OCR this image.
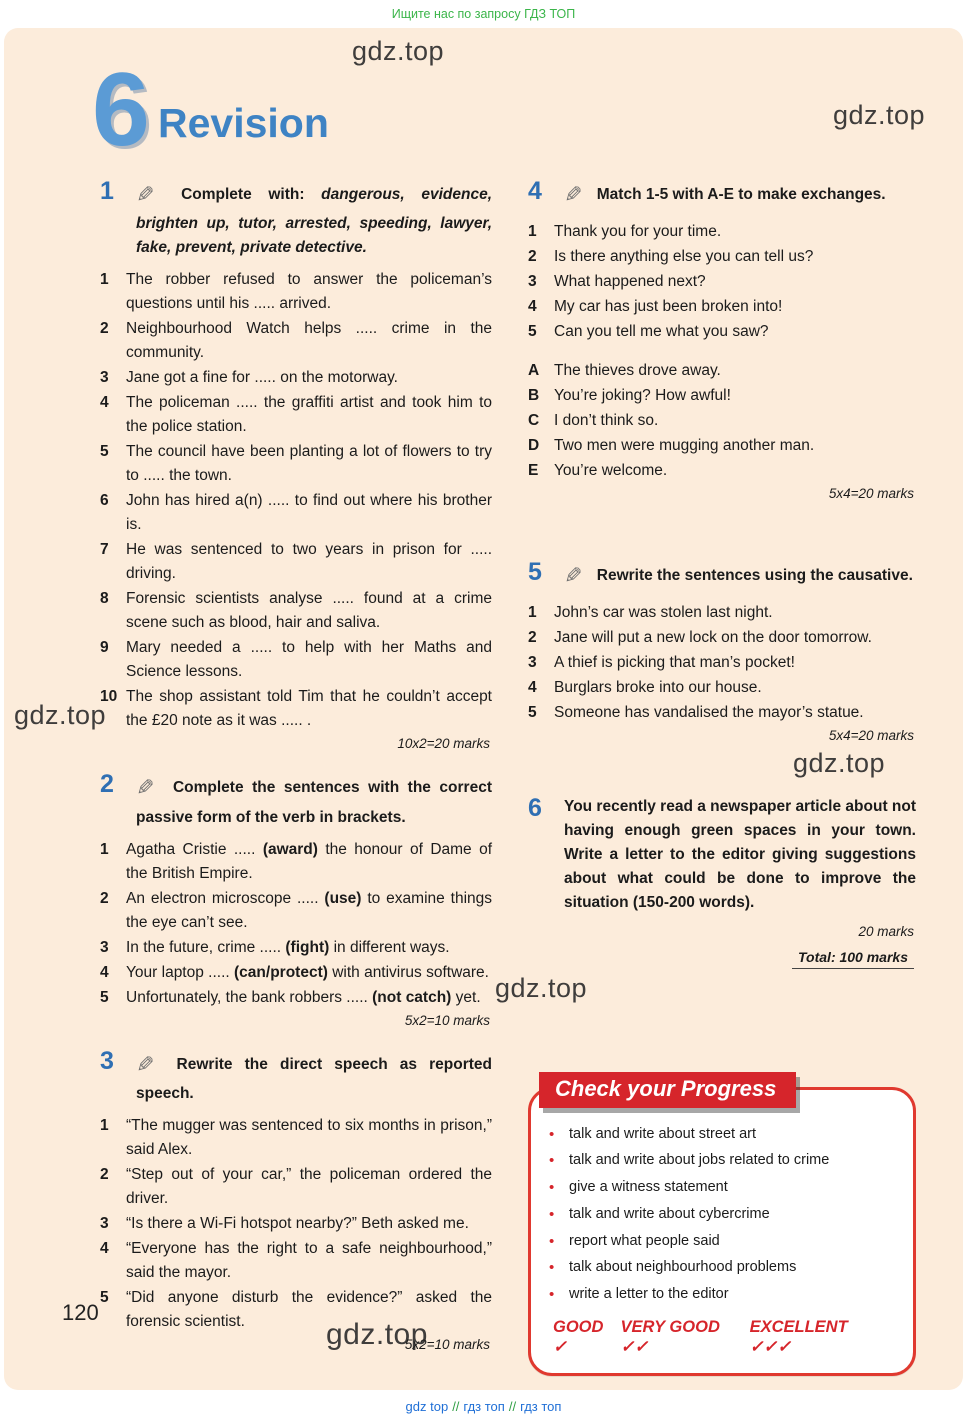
Ищите нас по запросу ГДЗ ТОП
gdz.top
gdz.top
gdz.top
gdz.top
gdz.top
gdz.top
6 Revision
1	✎ Complete with: dangerous, evidence, brighten up, tutor, arrested, speeding, lawyer, fake, prevent, private detective.
1	The robber refused to answer the policeman’s questions until his ..... arrived.
2	Neighbourhood Watch helps ..... crime in the community.
3	Jane got a fine for ..... on the motorway.
4	The policeman ..... the graffiti artist and took him to the police station.
5	The council have been planting a lot of flowers to try to ..... the town.
6	John has hired a(n) ..... to find out where his brother is.
7	He was sentenced to two years in prison for ..... driving.
8	Forensic scientists analyse ..... found at a crime scene such as blood, hair and saliva.
9	Mary needed a ..... to help with her Maths and Science lessons.
10 The shop assistant told Tim that he couldn’t accept the £20 note as it was ..... .
10x2=20 marks
2	✎ Complete the sentences with the correct passive form of the verb in brackets.
1	Agatha Cristie ..... (award) the honour of Dame of the British Empire.
2	An electron microscope ..... (use) to examine things the eye can’t see.
3	In the future, crime ..... (fight) in different ways.
4	Your laptop ..... (can/protect) with antivirus software.
5	Unfortunately, the bank robbers ..... (not catch) yet.
5x2=10 marks
3	✎ Rewrite the direct speech as reported speech.
1	“The mugger was sentenced to six months in prison,” said Alex.
2	“Step out of your car,” the policeman ordered the driver.
3	“Is there a Wi-Fi hotspot nearby?” Beth asked me.
4	“Everyone has the right to a safe neighbourhood,” said the mayor.
5	“Did anyone disturb the evidence?” asked the forensic scientist.
5x2=10 marks
4	✎ Match 1-5 with A-E to make exchanges.
1	Thank you for your time.
2	Is there anything else you can tell us?
3	What happened next?
4	My car has just been broken into!
5	Can you tell me what you saw?
A The thieves drove away.
B You’re joking? How awful!
C I don’t think so.
D Two men were mugging another man.
E	You’re welcome.
5x4=20 marks
5	✎ Rewrite the sentences using the causative.
1	John’s car was stolen last night.
2	Jane will put a new lock on the door tomorrow.
3	A thief is picking that man’s pocket!
4	Burglars broke into our house.
5	Someone has vandalised the mayor’s statue.
5x4=20 marks
6	You recently read a newspaper article about not having enough green spaces in your town. Write a letter to the editor giving suggestions about what could be done to improve the situation (150-200 words).
20 marks
Total: 100 marks
Check your Progress
•	talk and write about street art
•	talk and write about jobs related to crime
•	give a witness statement
•	talk and write about cybercrime
•	report what people said
•	talk about neighbourhood problems
•	write a letter to the editor
GOOD ✓
VERY GOOD ✓✓
EXCELLENT ✓✓✓
120
gdz top // гдз топ // гдз топ
